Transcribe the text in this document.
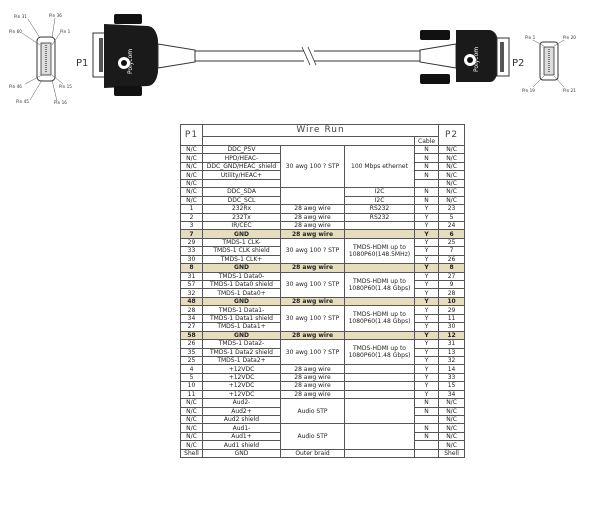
Pin 31	Pin 36
Pin 60	Pin 1
Pin 46	Pin 15
Pin 45	Pin 16
P1	Polycom	Polycom	P2
Pin 1	Pin 20
Pin 19	Pin 21
P1	Wire Run				P2
				Cable	
N/C	DDC_P5V	30 awg 100 ? STP	100 Mbps ethernet	N	N/C
N/C	HPD/HEAC-			N	N/C
N/C	DDC_GND/HEAC_shield			N	N/C
N/C	Utility/HEAC+			N	N/C
N/C					N/C
N/C	DDC_SDA		I2C	N	N/C
N/C	DDC_SCL		I2C	N	N/C
1	232Rx	28 awg wire	RS232	Y	23
2	232Tx	28 awg wire	RS232	Y	5
3	IR/CEC	28 awg wire		Y	24
7	GND	28 awg wire		Y	6
29	TMDS-1 CLK-	30 awg 100 ? STP	TMDS-HDMI up to 1080P60(148.5MHz)	Y	25
33	TMDS-1 CLK shield			Y	7
30	TMDS-1 CLK+			Y	26
8	GND	28 awg wire		Y	8
31	TMDS-1 Data0-	30 awg 100 ? STP	TMDS-HDMI up to 1080P60(1.48 Gbps)	Y	27
57	TMDS-1 Data0 shield			Y	9
32	TMDS-1 Data0+			Y	28
48	GND	28 awg wire		Y	10
28	TMDS-1 Data1-	30 awg 100 ? STP	TMDS-HDMI up to 1080P60(1.48 Gbps)	Y	29
34	TMDS-1 Data1 shield			Y	11
27	TMDS-1 Data1+			Y	30
58	GND	28 awg wire		Y	12
26	TMDS-1 Data2-	30 awg 100 ? STP	TMDS-HDMI up to 1080P60(1.48 Gbps)	Y	31
35	TMDS-1 Data2 shield			Y	13
25	TMDS-1 Data2+			Y	32
4	+12VDC	28 awg wire		Y	14
5	+12VDC	28 awg wire		Y	33
10	+12VDC	28 awg wire		Y	15
11	+12VDC	28 awg wire		Y	34
N/C	Aud2-	Audio STP		N	N/C
N/C	Aud2+			N	N/C
N/C	Aud2 shield				N/C
N/C	Aud1-	Audio STP		N	N/C
N/C	Aud1+			N	N/C
N/C	Aud1 shield				N/C
Shell	GND	Outer braid			Shell
